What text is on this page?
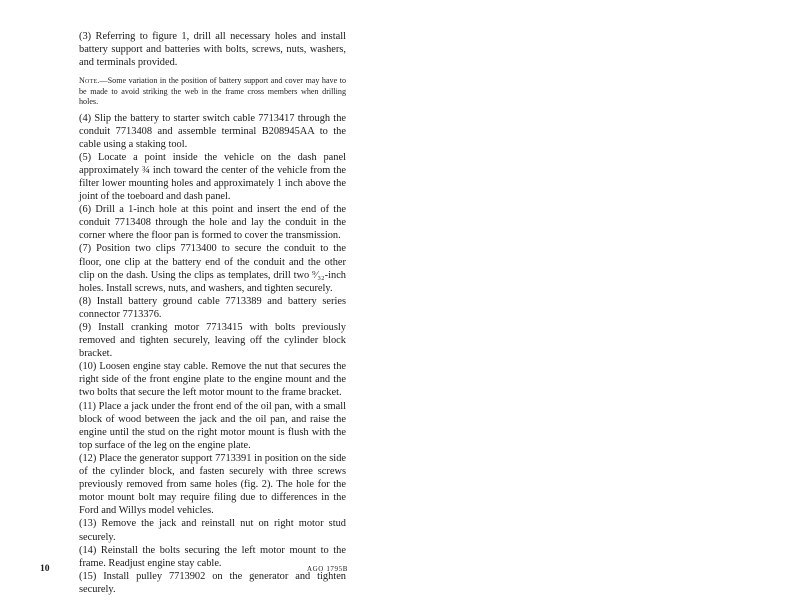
(3) Referring to figure 1, drill all necessary holes and install battery support and batteries with bolts, screws, nuts, washers, and terminals provided.

Note.—Some variation in the position of battery support and cover may have to be made to avoid striking the web in the frame cross members when drilling holes.

(4) Slip the battery to starter switch cable 7713417 through the conduit 7713408 and assemble terminal B208945AA to the cable using a staking tool.

(5) Locate a point inside the vehicle on the dash panel approximately ¾ inch toward the center of the vehicle from the filter lower mounting holes and approximately 1 inch above the joint of the toeboard and dash panel.

(6) Drill a 1-inch hole at this point and insert the end of the conduit 7713408 through the hole and lay the conduit in the corner where the floor pan is formed to cover the transmission.

(7) Position two clips 7713400 to secure the conduit to the floor, one clip at the battery end of the conduit and the other clip on the dash. Using the clips as templates, drill two ⁹⁄₃₂-inch holes. Install screws, nuts, and washers, and tighten securely.

(8) Install battery ground cable 7713389 and battery series connector 7713376.

(9) Install cranking motor 7713415 with bolts previously removed and tighten securely, leaving off the cylinder block bracket.

(10) Loosen engine stay cable. Remove the nut that secures the right side of the front engine plate to the engine mount and the two bolts that secure the left motor mount to the frame bracket.

(11) Place a jack under the front end of the oil pan, with a small block of wood between the jack and the oil pan, and raise the engine until the stud on the right motor mount is flush with the top surface of the leg on the engine plate.

(12) Place the generator support 7713391 in position on the side of the cylinder block, and fasten securely with three screws previously removed from same holes (fig. 2). The hole for the motor mount bolt may require filing due to differences in the Ford and Willys model vehicles.

(13) Remove the jack and reinstall nut on right motor stud securely.

(14) Reinstall the bolts securing the left motor mount to the frame. Readjust engine stay cable.

(15) Install pulley 7713902 on the generator and tighten securely.

10	AGO 1795B
